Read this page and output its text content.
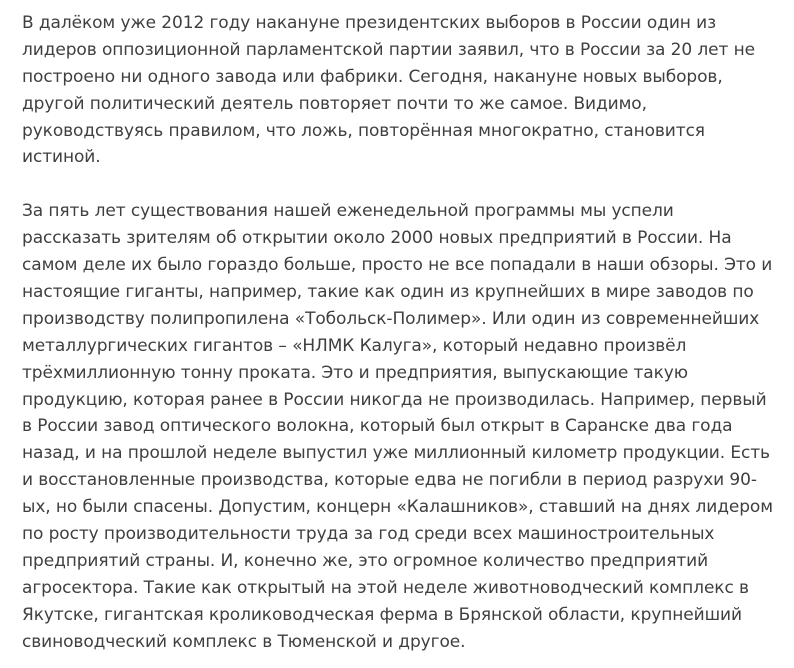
В далёком уже 2012 году накануне президентских выборов в России один из
лидеров оппозиционной парламентской партии заявил, что в России за 20 лет не
построено ни одного завода или фабрики. Сегодня, накануне новых выборов,
другой политический деятель повторяет почти то же самое. Видимо,
руководствуясь правилом, что ложь, повторённая многократно, становится
истиной.

За пять лет существования нашей еженедельной программы мы успели
рассказать зрителям об открытии около 2000 новых предприятий в России. На
самом деле их было гораздо больше, просто не все попадали в наши обзоры. Это и
настоящие гиганты, например, такие как один из крупнейших в мире заводов по
производству полипропилена «Тобольск-Полимер». Или один из современнейших
металлургических гигантов – «НЛМК Калуга», который недавно произвёл
трёхмиллионную тонну проката. Это и предприятия, выпускающие такую
продукцию, которая ранее в России никогда не производилась. Например, первый
в России завод оптического волокна, который был открыт в Саранске два года
назад, и на прошлой неделе выпустил уже миллионный километр продукции. Есть
и восстановленные производства, которые едва не погибли в период разрухи 90-
ых, но были спасены. Допустим, концерн «Калашников», ставший на днях лидером
по росту производительности труда за год среди всех машиностроительных
предприятий страны. И, конечно же, это огромное количество предприятий
агросектора. Такие как открытый на этой неделе животноводческий комплекс в
Якутске, гигантская кролиководческая ферма в Брянской области, крупнейший
свиноводческий комплекс в Тюменской и другое.
